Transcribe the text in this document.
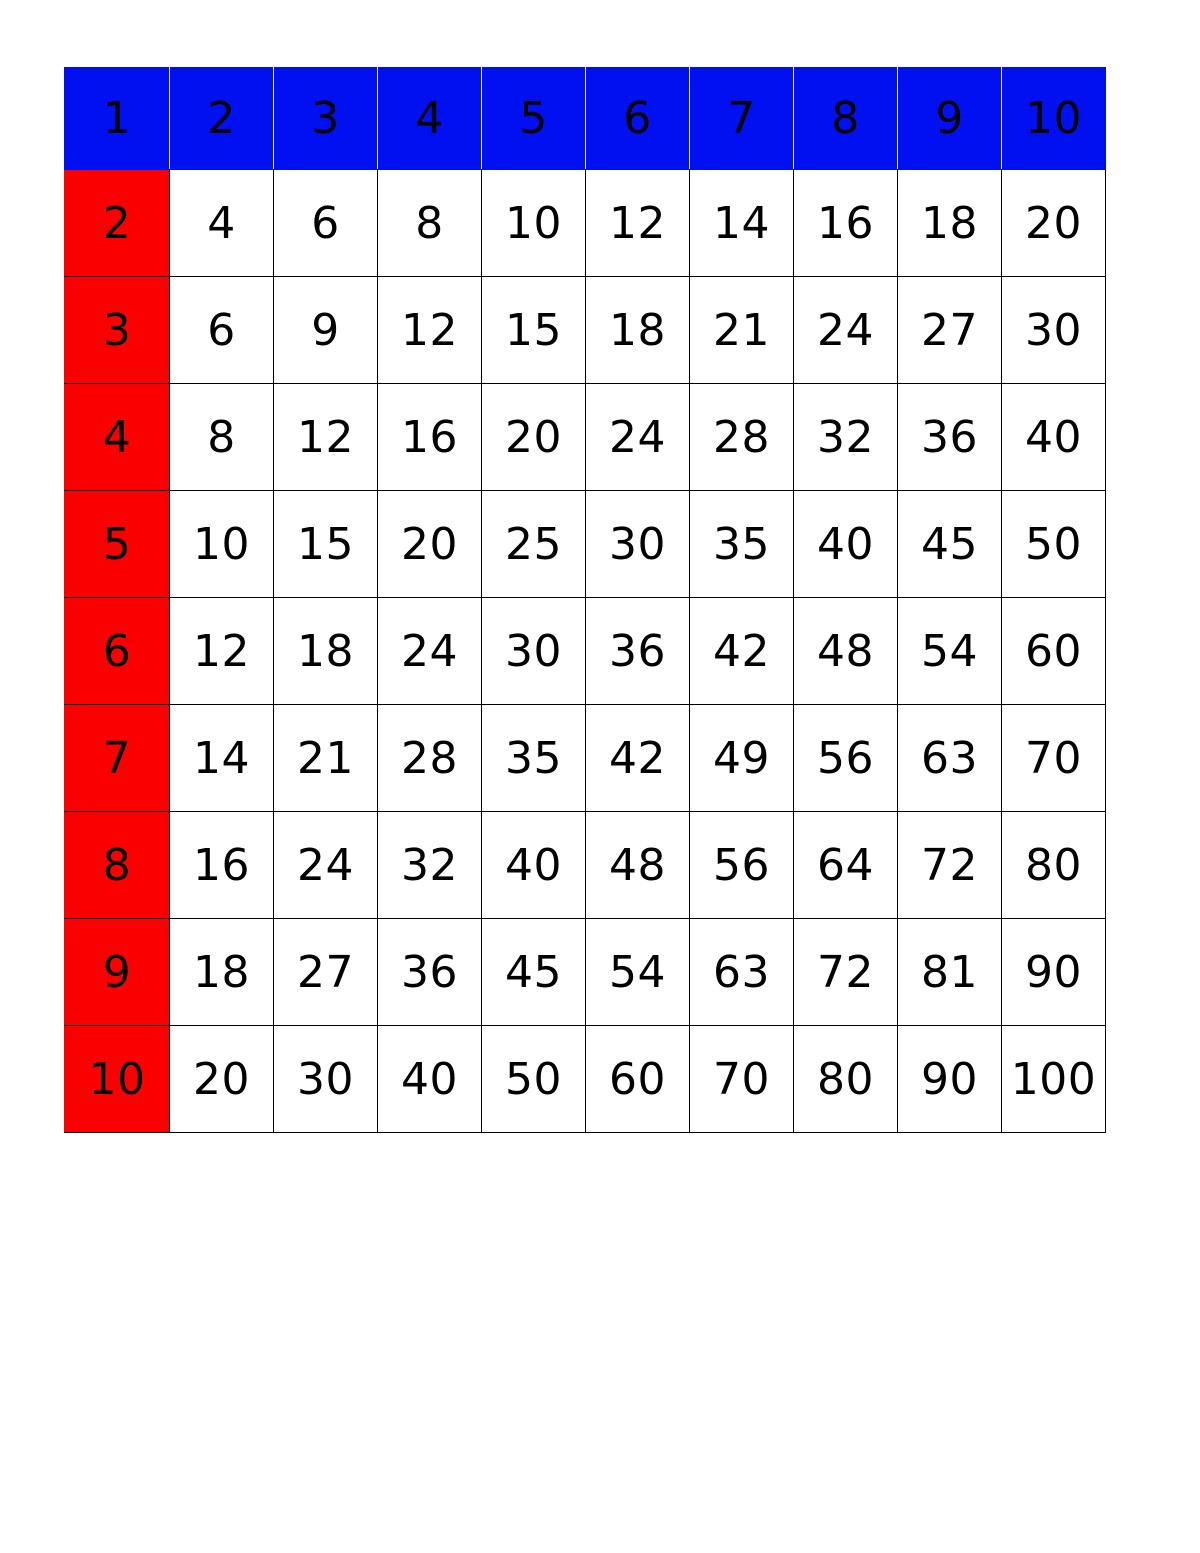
1	2	3	4	5	6	7	8	9	10
2	4	6	8	10	12	14	16	18	20
3	6	9	12	15	18	21	24	27	30
4	8	12	16	20	24	28	32	36	40
5	10	15	20	25	30	35	40	45	50
6	12	18	24	30	36	42	48	54	60
7	14	21	28	35	42	49	56	63	70
8	16	24	32	40	48	56	64	72	80
9	18	27	36	45	54	63	72	81	90
10	20	30	40	50	60	70	80	90	100
